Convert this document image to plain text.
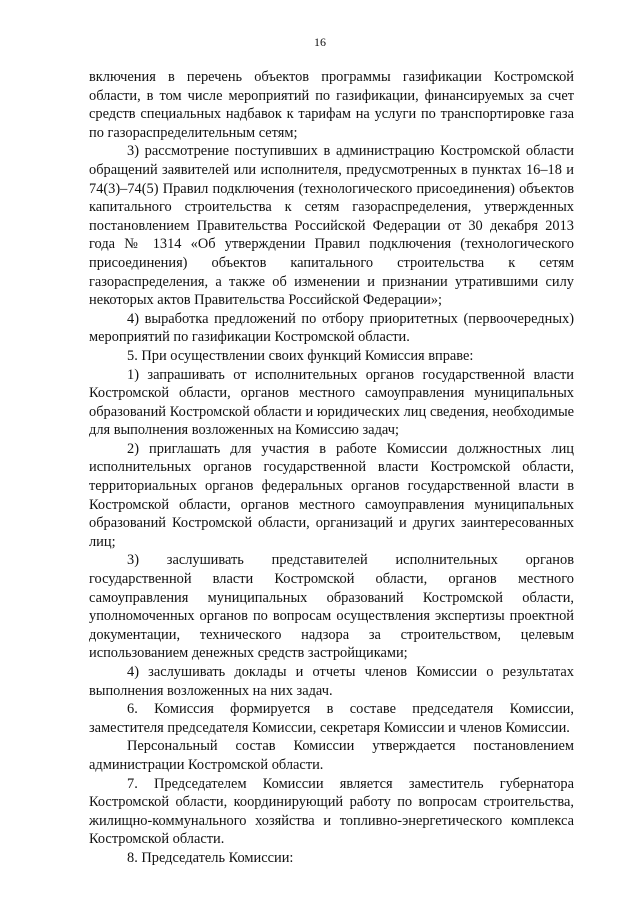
16

включения в перечень объектов программы газификации Костромской области, в том числе мероприятий по газификации, финансируемых за счет средств специальных надбавок к тарифам на услуги по транспортировке газа по газораспределительным сетям;

3) рассмотрение поступивших в администрацию Костромской области обращений заявителей или исполнителя, предусмотренных в пунктах 16–18 и 74(3)–74(5) Правил подключения (технологического присоединения) объектов капитального строительства к сетям газораспределения, утвержденных постановлением Правительства Российской Федерации от 30 декабря 2013 года № 1314 «Об утверждении Правил подключения (технологического присоединения) объектов капитального строительства к сетям газораспределения, а также об изменении и признании утратившими силу некоторых актов Правительства Российской Федерации»;

4) выработка предложений по отбору приоритетных (первоочередных) мероприятий по газификации Костромской области.

5. При осуществлении своих функций Комиссия вправе:

1) запрашивать от исполнительных органов государственной власти Костромской области, органов местного самоуправления муниципальных образований Костромской области и юридических лиц сведения, необходимые для выполнения возложенных на Комиссию задач;

2) приглашать для участия в работе Комиссии должностных лиц исполнительных органов государственной власти Костромской области, территориальных органов федеральных органов государственной власти в Костромской области, органов местного самоуправления муниципальных образований Костромской области, организаций и других заинтересованных лиц;

3) заслушивать представителей исполнительных органов государственной власти Костромской области, органов местного самоуправления муниципальных образований Костромской области, уполномоченных органов по вопросам осуществления экспертизы проектной документации, технического надзора за строительством, целевым использованием денежных средств застройщиками;

4) заслушивать доклады и отчеты членов Комиссии о результатах выполнения возложенных на них задач.

6. Комиссия формируется в составе председателя Комиссии, заместителя председателя Комиссии, секретаря Комиссии и членов Комиссии.

Персональный состав Комиссии утверждается постановлением администрации Костромской области.

7. Председателем Комиссии является заместитель губернатора Костромской области, координирующий работу по вопросам строительства, жилищно-коммунального хозяйства и топливно-энергетического комплекса Костромской области.

8. Председатель Комиссии:
